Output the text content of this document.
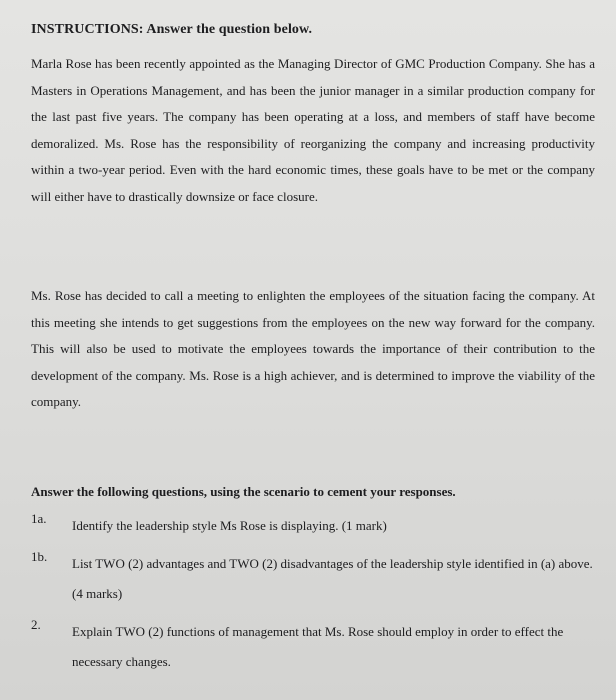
INSTRUCTIONS: Answer the question below.
Marla Rose has been recently appointed as the Managing Director of GMC Production Company. She has a Masters in Operations Management, and has been the junior manager in a similar production company for the last past five years. The company has been operating at a loss, and members of staff have become demoralized. Ms. Rose has the responsibility of reorganizing the company and increasing productivity within a two-year period. Even with the hard economic times, these goals have to be met or the company will either have to drastically downsize or face closure.
Ms. Rose has decided to call a meeting to enlighten the employees of the situation facing the company. At this meeting she intends to get suggestions from the employees on the new way forward for the company. This will also be used to motivate the employees towards the importance of their contribution to the development of the company. Ms. Rose is a high achiever, and is determined to improve the viability of the company.
Answer the following questions, using the scenario to cement your responses.
1a. Identify the leadership style Ms Rose is displaying. (1 mark)
1b. List TWO (2) advantages and TWO (2) disadvantages of the leadership style identified in (a) above. (4 marks)
2. Explain TWO (2) functions of management that Ms. Rose should employ in order to effect the necessary changes.
